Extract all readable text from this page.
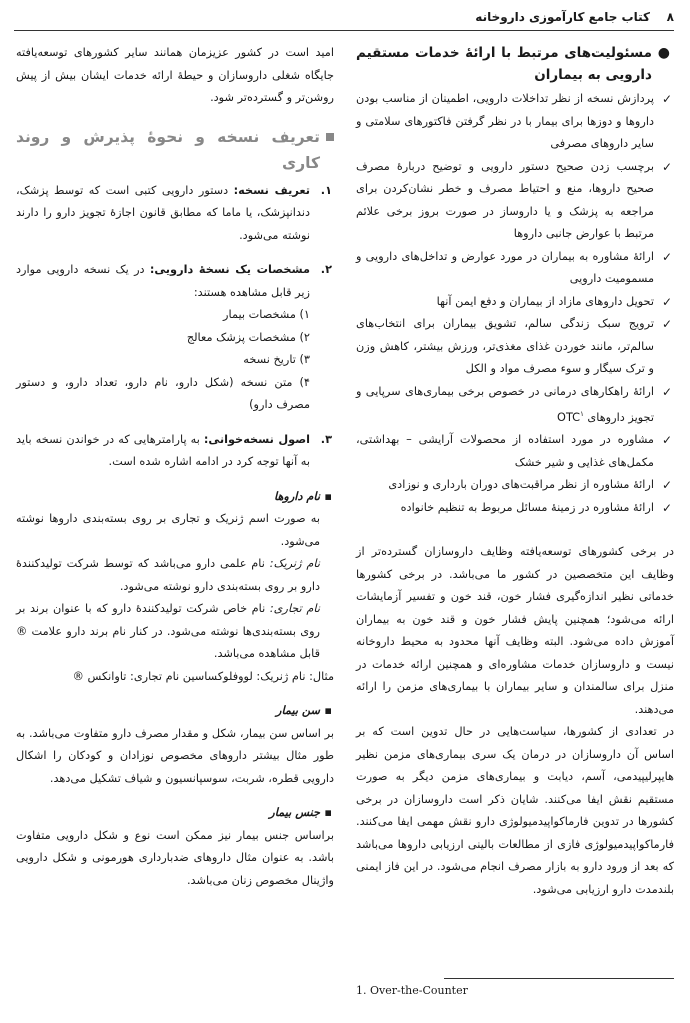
۸
کتاب جامع کارآموزی داروخانه
●
مسئولیت‌های مرتبط با ارائهٔ خدمات مستقیم دارویی به بیماران
✓
پردازش نسخه از نظر تداخلات دارویی، اطمینان از مناسب بودن داروها و دوزها برای بیمار با در نظر گرفتن فاکتورهای سلامتی و سایر داروهای مصرفی
✓
برچسب زدن صحیح دستور دارویی و توضیح دربارهٔ مصرف صحیح داروها، منع و احتیاط مصرف و خطر نشان‌کردن برای مراجعه به پزشک و یا داروساز در صورت بروز برخی علائم مرتبط با عوارض جانبی داروها
✓
ارائهٔ مشاوره به بیماران در مورد عوارض و تداخل‌های دارویی و مسمومیت دارویی
✓
تحویل داروهای مازاد از بیماران و دفع ایمن آنها
✓
ترویج سبک زندگی سالم، تشویق بیماران برای انتخاب‌های سالم‌تر، مانند خوردن غذای مغذی‌تر، ورزش بیشتر، کاهش وزن و ترک سیگار و سوء مصرف مواد و الکل
✓
ارائهٔ راهکارهای درمانی در خصوص برخی بیماری‌های سرپایی و تجویز داروهای OTC$^۱$
✓
مشاوره در مورد استفاده از محصولات آرایشی – بهداشتی، مکمل‌های غذایی و شیر خشک
✓
ارائهٔ مشاوره از نظر مراقبت‌های دوران بارداری و نوزادی
✓
ارائهٔ مشاوره در زمینهٔ مسائل مربوط به تنظیم خانواده

در برخی کشورهای توسعه‌یافته وظایف داروسازان گسترده‌تر از وظایف این متخصصین در کشور ما می‌باشد. در برخی کشورها خدماتی نظیر اندازه‌گیری فشار خون، قند خون و تفسیر آزمایشات ارائه می‌شود؛ همچنین پایش فشار خون و قند خون به بیماران آموزش داده می‌شود. البته وظایف آنها محدود به محیط داروخانه نیست و داروسازان خدمات مشاوره‌ای و همچنین ارائه خدمات در منزل برای سالمندان و سایر بیماران با بیماری‌های مزمن را ارائه می‌دهند.

در تعدادی از کشورها، سیاست‌هایی در حال تدوین است که بر اساس آن داروسازان در درمان یک سری بیماری‌های مزمن نظیر هایپرلیپیدمی، آسم، دیابت و بیماری‌های مزمن دیگر به صورت مستقیم نقش ایفا می‌کنند. شایان ذکر است داروسازان در برخی کشورها در تدوین فارماکواپیدمیولوژی دارو نقش مهمی ایفا می‌کنند. فارماکواپیدمیولوژی فازی از مطالعات بالینی ارزیابی داروها می‌باشد که بعد از ورود دارو به بازار مصرف انجام می‌شود. در این فاز ایمنی بلندمدت دارو ارزیابی می‌شود.

امید است در کشور عزیزمان همانند سایر کشورهای توسعه‌یافته جایگاه شغلی داروسازان و حیطهٔ ارائه خدمات ایشان بیش از پیش روشن‌تر و گسترده‌تر شود.

تعریف نسخه و نحوهٔ پذیرش و روند کاری
۱.
تعریف نسخه: دستور دارویی کتبی است که توسط پزشک، دندانپزشک، یا ماما که مطابق قانون اجازهٔ تجویز دارو را دارند نوشته می‌شود.
۲.
مشخصات یک نسخهٔ دارویی: در یک نسخه دارویی موارد زیر قابل مشاهده هستند:
۱) مشخصات بیمار
۲) مشخصات پزشک معالج
۳) تاریخ نسخه
۴) متن نسخه (شکل دارو، نام دارو، تعداد دارو، و دستور مصرف دارو)
۳.
اصول نسخه‌خوانی: به پارامترهایی که در خواندن نسخه باید به آنها توجه کرد در ادامه اشاره شده است.
▪
نام داروها

به صورت اسم ژنریک و تجاری بر روی بسته‌بندی داروها نوشته می‌شود.

نام ژنریک: نام علمی دارو می‌باشد که توسط شرکت تولیدکنندهٔ دارو بر روی بسته‌بندی دارو نوشته می‌شود.

نام تجاری: نام خاص شرکت تولیدکنندهٔ دارو که با عنوان برند بر روی بسته‌بندی‌ها نوشته می‌شود. در کنار نام برند دارو علامت ® قابل مشاهده می‌باشد.

مثال: نام ژنریک: لووفلوکساسین نام تجاری: تاوانکس ®

▪
سن بیمار

بر اساس سن بیمار، شکل و مقدار مصرف دارو متفاوت می‌باشد. به طور مثال بیشتر داروهای مخصوص نوزادان و کودکان را اشکال دارویی قطره، شربت، سوسپانسیون و شیاف تشکیل می‌دهد.

▪
جنس بیمار

براساس جنس بیمار نیز ممکن است نوع و شکل دارویی متفاوت باشد. به عنوان مثال داروهای ضدبارداری هورمونی و شکل دارویی واژینال مخصوص زنان می‌باشد.

1. Over-the-Counter
